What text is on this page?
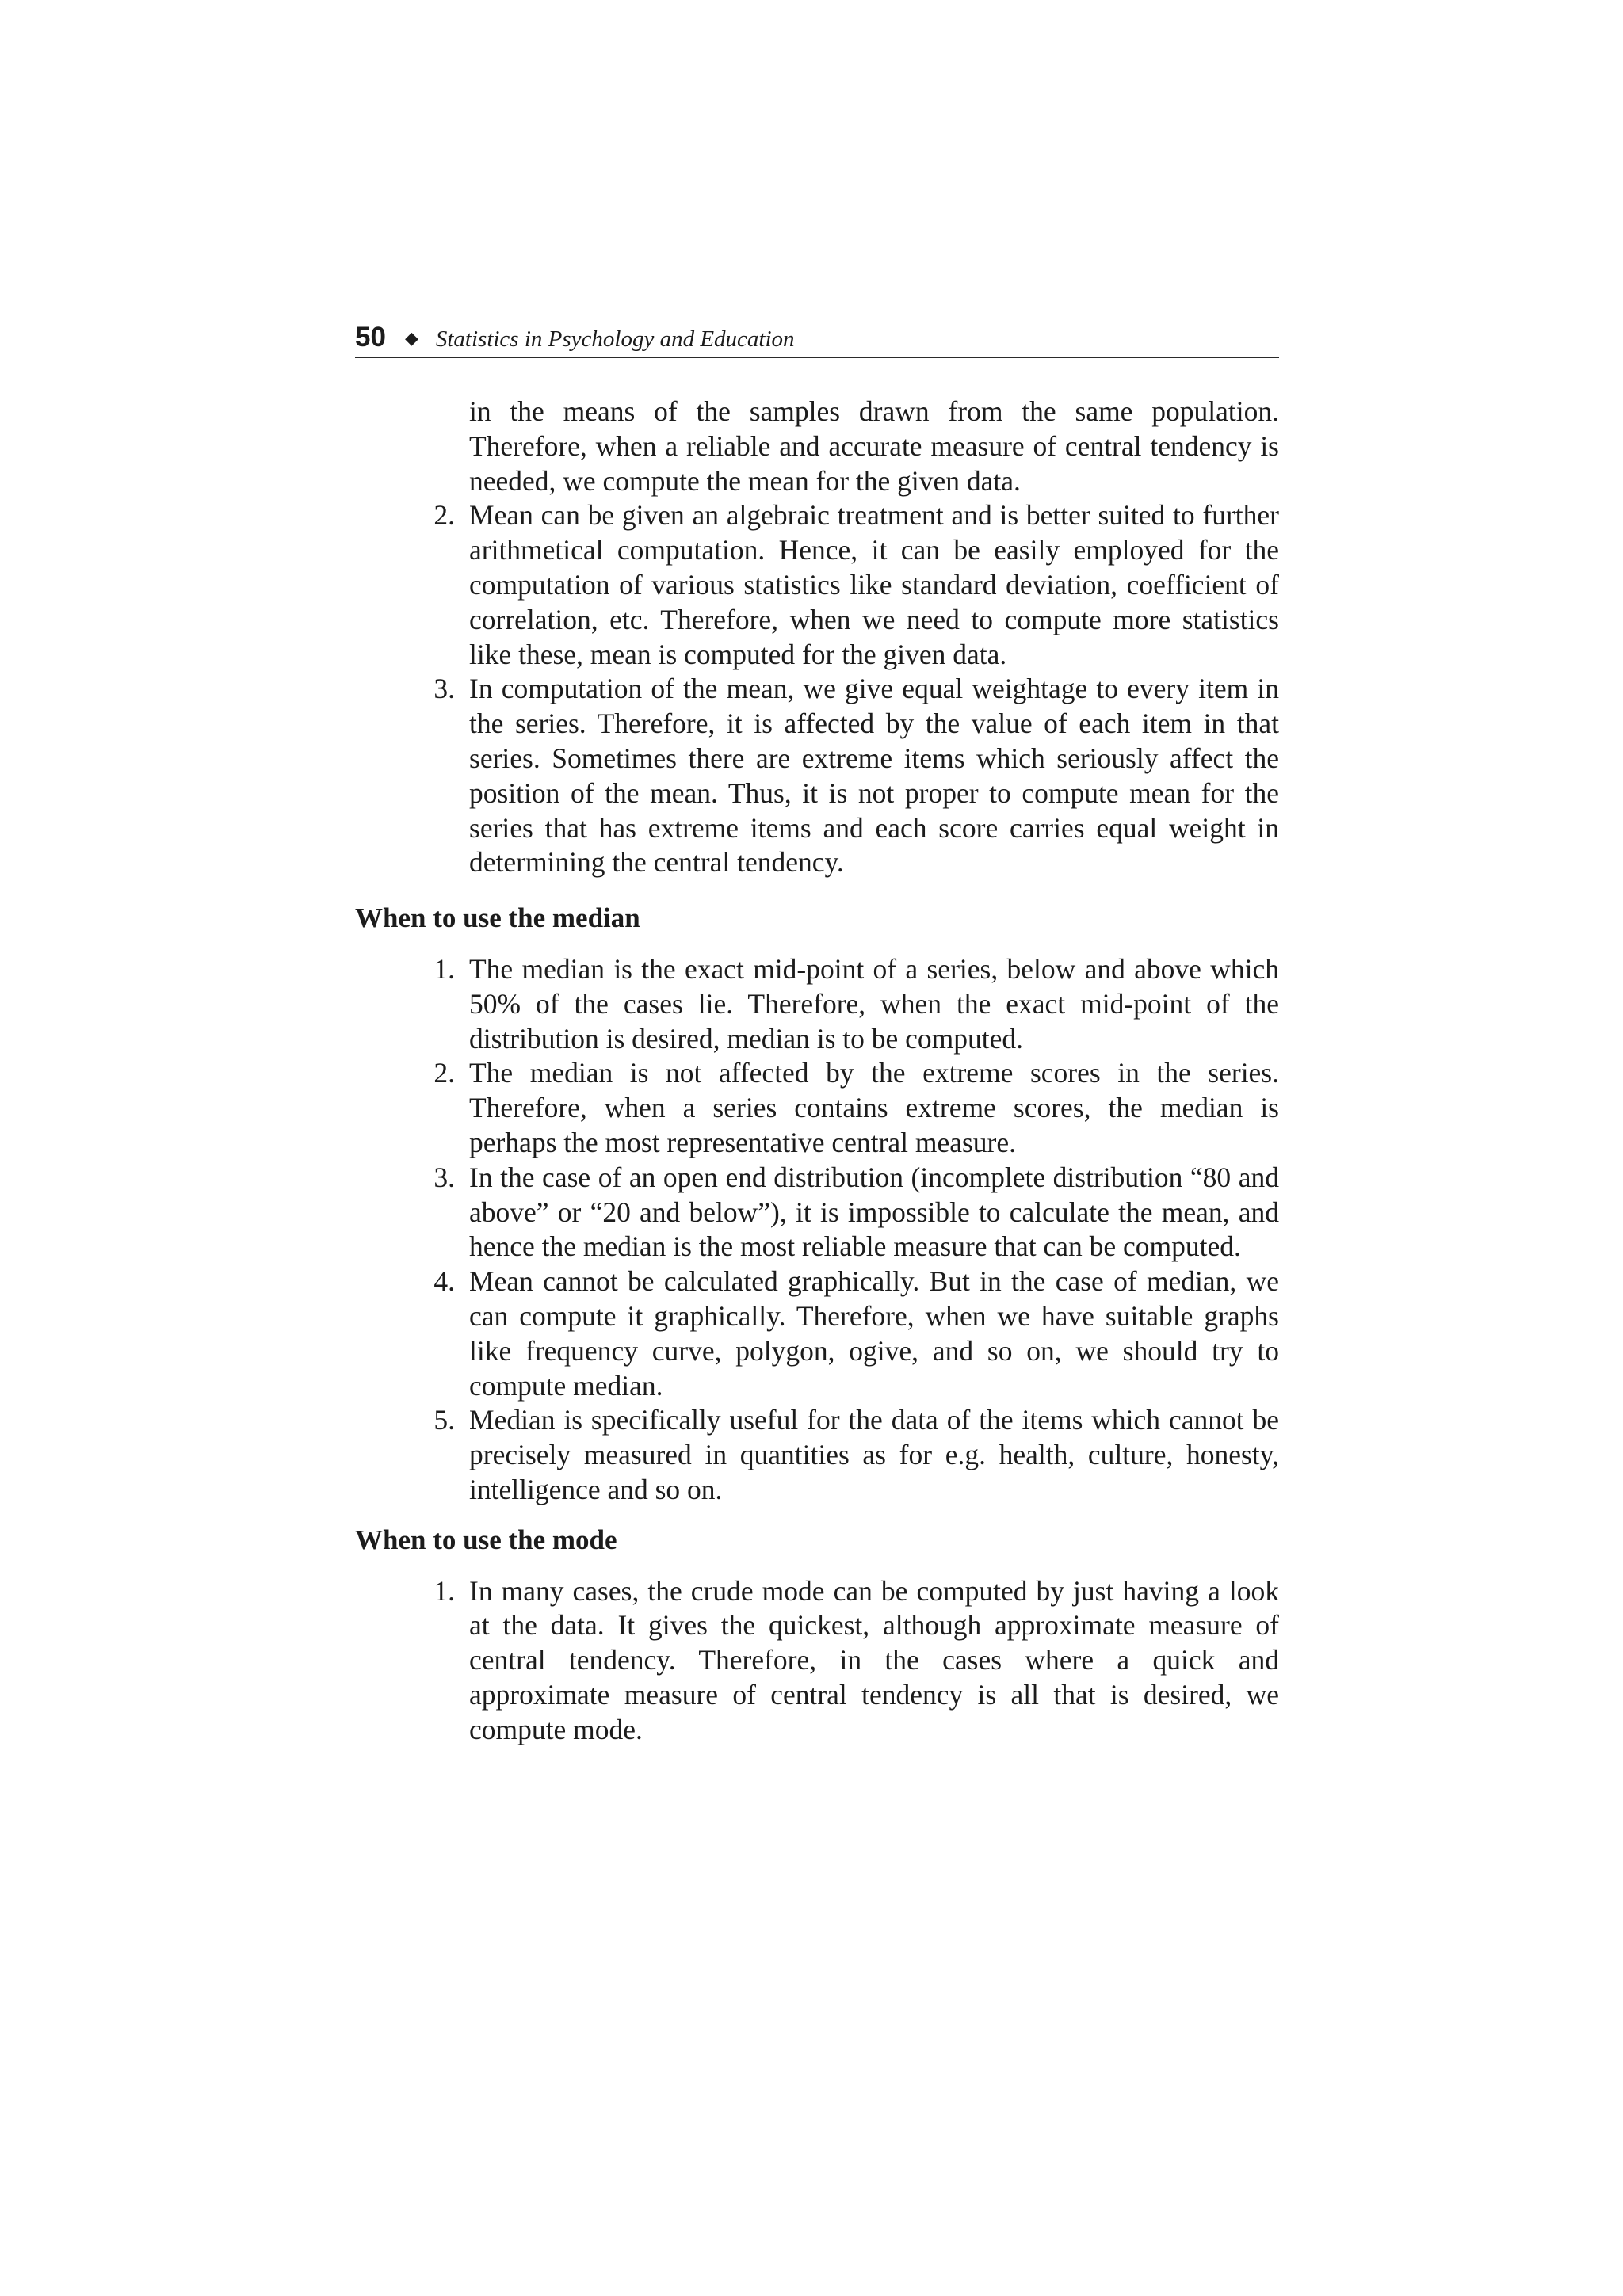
50 ◆ Statistics in Psychology and Education

in the means of the samples drawn from the same population. Therefore, when a reliable and accurate measure of central tendency is needed, we compute the mean for the given data.

2. Mean can be given an algebraic treatment and is better suited to further arithmetical computation. Hence, it can be easily employed for the computation of various statistics like standard deviation, coefficient of correlation, etc. Therefore, when we need to compute more statistics like these, mean is computed for the given data.
3. In computation of the mean, we give equal weightage to every item in the series. Therefore, it is affected by the value of each item in that series. Sometimes there are extreme items which seriously affect the position of the mean. Thus, it is not proper to compute mean for the series that has extreme items and each score carries equal weight in determining the central tendency.

When to use the median

1. The median is the exact mid-point of a series, below and above which 50% of the cases lie. Therefore, when the exact mid-point of the distribution is desired, median is to be computed.
2. The median is not affected by the extreme scores in the series. Therefore, when a series contains extreme scores, the median is perhaps the most representative central measure.
3. In the case of an open end distribution (incomplete distribution “80 and above” or “20 and below”), it is impossible to calculate the mean, and hence the median is the most reliable measure that can be computed.
4. Mean cannot be calculated graphically. But in the case of median, we can compute it graphically. Therefore, when we have suitable graphs like frequency curve, polygon, ogive, and so on, we should try to compute median.
5. Median is specifically useful for the data of the items which cannot be precisely measured in quantities as for e.g. health, culture, honesty, intelligence and so on.

When to use the mode

1. In many cases, the crude mode can be computed by just having a look at the data. It gives the quickest, although approximate measure of central tendency. Therefore, in the cases where a quick and approximate measure of central tendency is all that is desired, we compute mode.
